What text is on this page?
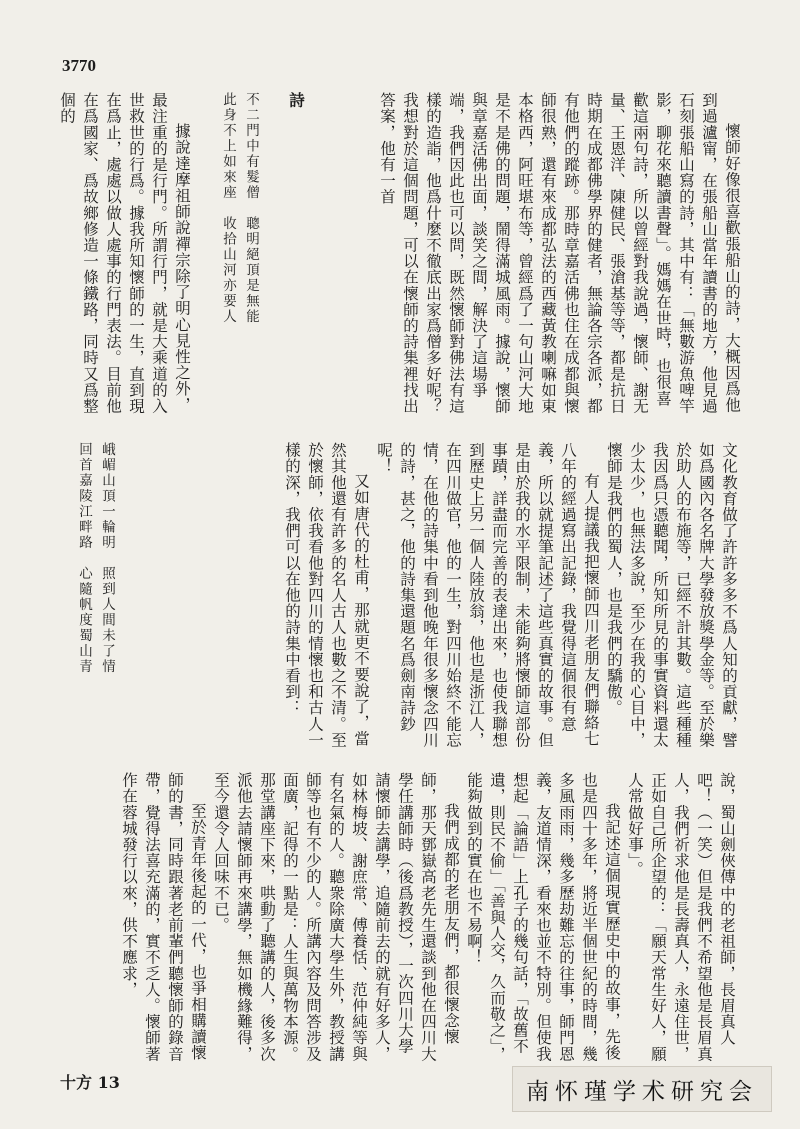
3770

懷師好像很喜歡張船山的詩，大概因爲他到過瀘甯，在張船山當年讀書的地方，他見過石刻張船山寫的詩，其中有：「無數游魚啤竿影，聊花來聽讀書聲」。媽媽在世時，也很喜歡這兩句詩，所以曾經對我說過，懷師、謝无量、王恩洋、陳健民、張滄基等等，都是抗日時期在成都佛學界的健者，無論各宗各派，都有他們的蹤跡。那時章嘉活佛也住在成都與懷師很熟，還有來成都弘法的西藏黃教喇嘛如東本格西，阿旺堪布等，曾經爲了一句山河大地是不是佛的問題，鬧得滿城風雨。據說，懷師與章嘉活佛出面，談笑之間，解決了這場爭端，我們因此也可以問，既然懷師對佛法有這樣的造詣，他爲什麼不徹底出家爲僧多好呢？我想對於這個問題，可以在懷師的詩集裡找出答案，他有一首

詩

不二門中有髮僧　聰明絕頂是無能

此身不上如來座　收拾山河亦要人

據說達摩祖師說禪宗除了明心見性之外，最注重的是行門。所謂行門，就是大乘道的入世救世的行爲。據我所知懷師的一生，直到現在爲止，處處以做人處事的行門表法。目前他在爲國家、爲故鄉修造一條鐵路，同時又爲整個的

文化教育做了許許多多不爲人知的貢獻，譬如爲國內各名牌大學發放獎學金等。至於樂於助人的布施等，已經不計其數。這些種種我因爲只憑聽聞，所知所見的事實資料還太少太少，也無法多說，至少在我的心目中，懷師是我們的蜀人，也是我們的驕傲。

有人提議我把懷師四川老朋友們聯絡七八年的經過寫出記錄，我覺得這個很有意義，所以就提筆記述了這些真實的故事。但是由於我的水平限制，未能夠將懷師這部份事蹟，詳盡而完善的表達出來，也使我聯想到歷史上另一個人陸放翁，他也是浙江人，在四川做官，他的一生，對四川始終不能忘情，在他的詩集中看到他晚年很多懷念四川的詩，甚之，他的詩集還題名爲劍南詩鈔呢！

又如唐代的杜甫，那就更不要說了，當然其他還有許多的名人古人也數之不清。至於懷師，依我看他對四川的情懷也和古人一樣的深，我們可以在他的詩集中看到：

峨嵋山頂一輪明　照到人間未了情

回首嘉陵江畔路　心隨帆度蜀山青

說，蜀山劍俠傳中的老祖師，長眉真人吧！（一笑）但是我們不希望他是長眉真人，我們祈求他是長壽真人，永遠住世，正如自己所企望的：「願天常生好人，願人常做好事」。

我記述這個現實歷史中的故事，先後也是四十多年，將近半個世紀的時間，幾多風雨雨，幾多歷劫難忘的往事，師門恩義，友道情深，看來也並不特別。但使我想起「論語」上孔子的幾句話，「故舊不遺，則民不偷」「善與人交，久而敬之」，能夠做到的實在也不易啊！

我們成都的老朋友們，都很懷念懷師，那天鄧嶽高老先生還談到他在四川大學任講師時（後爲教授），一次四川大學請懷師去講學，追隨前去的就有好多人，如林梅坡、謝庶常、傅養恬、范仲純等與有名氣的人。聽衆除廣大學生外，教授講師等也有不少的人。所講內容及問答涉及面廣，記得的一點是：人生與萬物本源。那堂講座下來，哄動了聽講的人，後多次派他去請懷師再來講學，無如機緣難得，至今還令人回味不已。

至於青年後起的一代，也爭相購讀懷師的書，同時跟著老前輩們聽懷師的錄音帶，覺得法喜充滿的，實不乏人。懷師著作在蓉城發行以來，供不應求，

十方 13	南怀瑾学术研究会
